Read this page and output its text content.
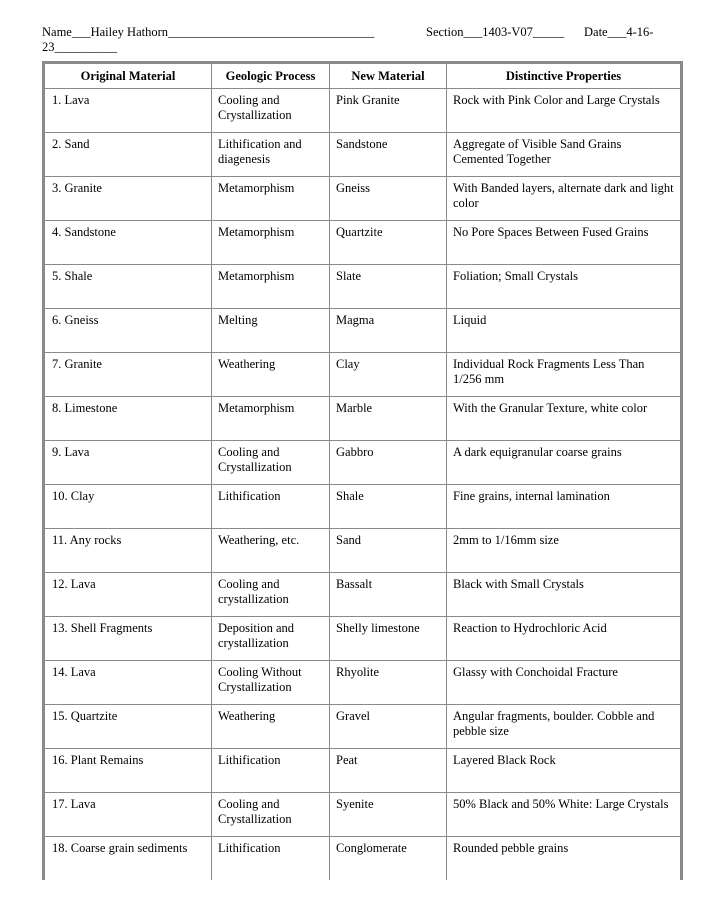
Name___Hailey Hathorn_________________________________	Section___1403-V07_____ Date___4-16-
23__________
Original Material	Geologic Process	New Material	Distinctive Properties
1. Lava	Cooling and Crystallization	Pink Granite	Rock with Pink Color and Large Crystals
2. Sand	Lithification and diagenesis	Sandstone	Aggregate of Visible Sand Grains Cemented Together
3. Granite	Metamorphism	Gneiss	With Banded layers, alternate dark and light color
4. Sandstone	Metamorphism	Quartzite	No Pore Spaces Between Fused Grains
5. Shale	Metamorphism	Slate	Foliation; Small Crystals
6. Gneiss	Melting	Magma	Liquid
7. Granite	Weathering	Clay	Individual Rock Fragments Less Than 1/256 mm
8. Limestone	Metamorphism	Marble	With the Granular Texture, white color
9. Lava	Cooling and Crystallization	Gabbro	A dark equigranular coarse grains
10. Clay	Lithification	Shale	Fine grains, internal lamination
11. Any rocks	Weathering, etc.	Sand	2mm to 1/16mm size
12. Lava	Cooling and crystallization	Bassalt	Black with Small Crystals
13. Shell Fragments	Deposition and crystallization	Shelly limestone	Reaction to Hydrochloric Acid
14. Lava	Cooling Without Crystallization	Rhyolite	Glassy with Conchoidal Fracture
15. Quartzite	Weathering	Gravel	Angular fragments, boulder. Cobble and pebble size
16. Plant Remains	Lithification	Peat	Layered Black Rock
17. Lava	Cooling and Crystallization	Syenite	50% Black and 50% White: Large Crystals
18. Coarse grain sediments	Lithification	Conglomerate	Rounded pebble grains
